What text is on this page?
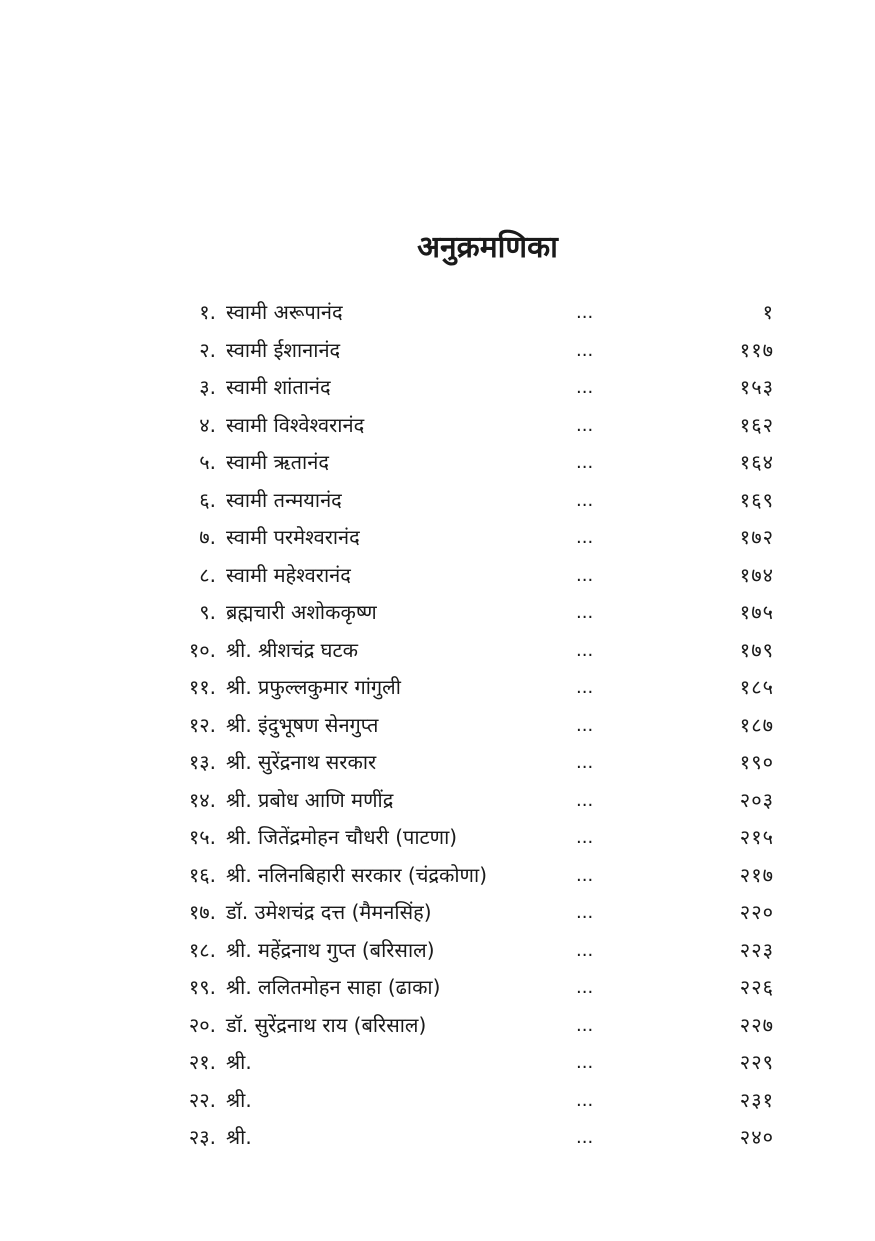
अनुक्रमणिका
१. स्वामी अरूपानंद	...	१
२. स्वामी ईशानानंद	...	११७
३. स्वामी शांतानंद	...	१५३
४. स्वामी विश्वेश्वरानंद	...	१६२
५. स्वामी ऋतानंद	...	१६४
६. स्वामी तन्मयानंद	...	१६९
७. स्वामी परमेश्वरानंद	...	१७२
८. स्वामी महेश्वरानंद	...	१७४
९. ब्रह्मचारी अशोककृष्ण	...	१७५
१०. श्री. श्रीशचंद्र घटक	...	१७९
११. श्री. प्रफुल्लकुमार गांगुली	...	१८५
१२. श्री. इंदुभूषण सेनगुप्त	...	१८७
१३. श्री. सुरेंद्रनाथ सरकार	...	१९०
१४. श्री. प्रबोध आणि मणींद्र	...	२०३
१५. श्री. जितेंद्रमोहन चौधरी (पाटणा)	...	२१५
१६. श्री. नलिनबिहारी सरकार (चंद्रकोणा)	...	२१७
१७. डॉ. उमेशचंद्र दत्त (मैमनसिंह)	...	२२०
१८. श्री. महेंद्रनाथ गुप्त (बरिसाल)	...	२२३
१९. श्री. ललितमोहन साहा (ढाका)	...	२२६
२०. डॉ. सुरेंद्रनाथ राय (बरिसाल)	...	२२७
२१. श्री.	...	२२९
२२. श्री.	...	२३१
२३. श्री.	...	२४०
